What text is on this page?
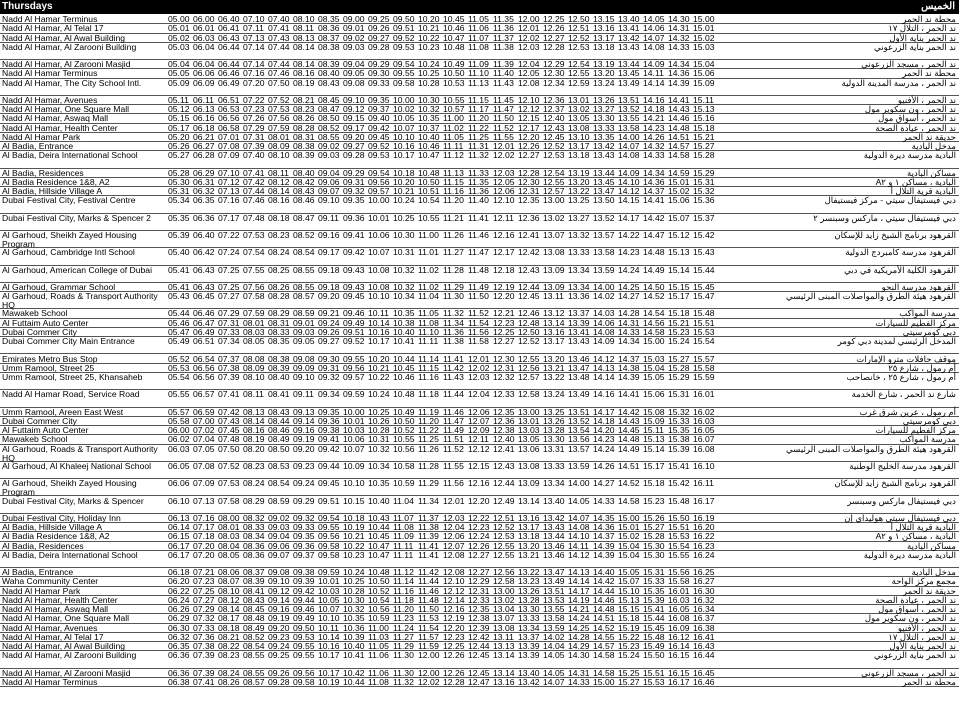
Thursdays	الخميس
Nadd Al Hamar Terminus	05.00 06.00 06.40 07.10 07.40 08.10 08.35 09.00 09.25 09.50 10.20 10.45 11.05 11.35 12.00 12.25 12.50 13.15 13.40 14.05 14.30 15.00	محطة ند الحمر
Nadd Al Hamar, Al Telal 17	05.01 06.01 06.41 07.11 07.41 08.11 08.36 09.01 09.26 09.51 10.21 10.46 11.06 11.36 12.01 12.26 12.51 13.16 13.41 14.06 14.31 15.01	ند الحمر ، التلال ١٧
Nadd Al Hamar, Al Awal Building	05.02 06.03 06.43 07.13 07.43 08.13 08.37 09.02 09.27 09.52 10.22 10.47 11.07 11.37 12.02 12.27 12.52 13.17 13.42 14.07 14.32 15.02	ند الحمر بناية الأول
Nadd Al Hamar, Al Zarooni Building	05.03 06.04 06.44 07.14 07.44 08.14 08.38 09.03 09.28 09.53 10.23 10.48 11.08 11.38 12.03 12.28 12.53 13.18 13.43 14.08 14.33 15.03	ند الحمر بناية الزرعوني
Nadd Al Hamar, Al Zarooni Masjid	05.04 06.04 06.44 07.14 07.44 08.14 08.39 09.04 09.29 09.54 10.24 10.49 11.09 11.39 12.04 12.29 12.54 13.19 13.44 14.09 14.34 15.04	ند الحمر ، مسجد الزرعوني
Nadd Al Hamar Terminus	05.05 06.06 06.46 07.16 07.46 08.16 08.40 09.05 09.30 09.55 10.25 10.50 11.10 11.40 12.05 12.30 12.55 13.20 13.45 14.11 14.36 15.06	محطة ند الحمر
Nadd Al Hamar, The City School Intl.	05.09 06.09 06.49 07.20 07.50 08.19 08.43 09.08 09.33 09.58 10.28 10.53 11.13 11.43 12.08 12.34 12.59 13.24 13.49 14.14 14.39 15.09	ند الحمر ، مدرسة المدينة الدولية
Nadd Al Hamar, Avenues	05.11 06.11 06.51 07.22 07.52 08.21 08.45 09.10 09.35 10.00 10.30 10.55 11.15 11.45 12.10 12.36 13.01 13.26 13.51 14.16 14.41 15.11	ند الحمر ، الأفنيو
Nadd Al Hamar, One Square Mall	05.12 06.13 06.53 07.23 07.53 08.23 08.47 09.12 09.37 10.02 10.32 10.57 11.17 11.47 12.12 12.37 13.02 13.27 13.52 14.18 14.43 15.13	ند الحمر ، ون سكوير مول
Nadd Al Hamar, Aswaq Mall	05.15 06.16 06.56 07.26 07.56 08.26 08.50 09.15 09.40 10.05 10.35 11.00 11.20 11.50 12.15 12.40 13.05 13.30 13.55 14.21 14.46 15.16	ند الحمر ، أسواق مول
Nadd Al Hamar, Health Center	05.17 06.18 06.58 07.29 07.59 08.28 08.52 09.17 09.42 10.07 10.37 11.02 11.22 11.52 12.17 12.43 13.08 13.33 13.58 14.23 14.48 15.18	ند الحمر ، عيادة الصحة
Nadd Al Hamar Park	05.20 06.21 07.01 07.31 08.01 08.31 08.55 09.20 09.45 10.10 10.40 11.05 11.25 11.55 12.20 12.45 13.10 13.35 14.00 14.26 14.51 15.21	حديقة ند الحمر
Al Badia, Entrance	05.26 06.27 07.08 07.39 08.09 08.38 09.02 09.27 09.52 10.16 10.46 11.11 11.31 12.01 12.26 12.52 13.17 13.42 14.07 14.32 14.57 15.27	مدخل البادية
Al Badia, Deira International School	05.27 06.28 07.09 07.40 08.10 08.39 09.03 09.28 09.53 10.17 10.47 11.12 11.32 12.02 12.27 12.53 13.18 13.43 14.08 14.33 14.58 15.28	البادية مدرسة ديرة الدولية
Al Badia, Residences	05.28 06.29 07.10 07.41 08.11 08.40 09.04 09.29 09.54 10.18 10.48 11.13 11.33 12.03 12.28 12.54 13.19 13.44 14.09 14.34 14.59 15.29	مساكن البادية
Al Badia Residence 1&8, A2	05.30 06.31 07.12 07.42 08.12 08.42 09.06 09.31 09.56 10.20 10.50 11.15 11.35 12.05 12.30 12.55 13.20 13.45 14.10 14.36 15.01 15.31	البادية ، مساكن ١ و A٢
Al Badia, Hillside Village A	05.31 06.32 07.13 07.44 08.14 08.43 09.07 09.32 09.57 10.21 10.51 11.16 11.36 12.06 12.31 12.57 13.22 13.47 14.12 14.37 15.02 15.32	البادية قرية التلال أ
Dubai Festival City, Festival Centre	05.34 06.35 07.16 07.46 08.16 08.46 09.10 09.35 10.00 10.24 10.54 11.20 11.40 12.10 12.35 13.00 13.25 13.50 14.15 14.41 15.06 15.36	دبي فيستيفال سيتي - مركز فيستيفال
Dubai Festival City, Marks & Spencer 2	05.35 06.36 07.17 07.48 08.18 08.47 09.11 09.36 10.01 10.25 10.55 11.21 11.41 12.11 12.36 13.02 13.27 13.52 14.17 14.42 15.07 15.37	دبي فيستيفال سيتي ، ماركس وسبنسر ٢
Al Garhoud, Sheikh Zayed Housing Program
05.39 06.40 07.22 07.53 08.23 08.52 09.16 09.41 10.06 10.30 11.00 11.26 11.46 12.16 12.41 13.07 13.32 13.57 14.22 14.47 15.12 15.42	القرهود برنامج الشيخ زايد للإسكان
Al Garhoud, Cambridge Intl School	05.40 06.42 07.24 07.54 08.24 08.54 09.17 09.42 10.07 10.31 11.01 11.27 11.47 12.17 12.42 13.08 13.33 13.58 14.23 14.48 15.13 15.43	القرهود مدرسة كامبردج الدولية
Al Garhoud, American College of Dubai	05.41 06.43 07.25 07.55 08.25 08.55 09.18 09.43 10.08 10.32 11.02 11.28 11.48 12.18 12.43 13.09 13.34 13.59 14.24 14.49 15.14 15.44	القرهود الكلية الأمريكية في دبي
Al Garhoud, Grammar School	05.41 06.43 07.25 07.56 08.26 08.55 09.18 09.43 10.08 10.32 11.02 11.29 11.49 12.19 12.44 13.09 13.34 14.00 14.25 14.50 15.15 15.45	القرهود مدرسة النحو
Al Garhoud, Roads & Transport Authority HQ
05.43 06.45 07.27 07.58 08.28 08.57 09.20 09.45 10.10 10.34 11.04 11.30 11.50 12.20 12.45 13.11 13.36 14.02 14.27 14.52 15.17 15.47	القرهود هيئة الطرق والمواصلات المبنى الرئيسي
Mawakeb School	05.44 06.46 07.29 07.59 08.29 08.59 09.21 09.46 10.11 10.35 11.05 11.32 11.52 12.21 12.46 13.12 13.37 14.03 14.28 14.54 15.18 15.48	مدرسة المواكب
Al Futtaim Auto Center	05.46 06.47 07.31 08.01 08.31 09.01 09.24 09.49 10.14 10.38 11.08 11.34 11.54 12.23 12.48 13.14 13.39 14.06 14.31 14.56 15.21 15.51	مركز الفطيم للسيارات
Dubai Commer City	05.47 06.49 07.33 08.03 08.33 09.03 09.26 09.51 10.16 10.40 11.10 11.36 11.56 12.25 12.50 13.16 13.41 14.08 14.33 14.58 15.23 15.53	دبي كومرسيتي
Dubai Commer City Main Entrance	05.49 06.51 07.34 08.05 08.35 09.05 09.27 09.52 10.17 10.41 11.11 11.38 11.58 12.27 12.52 13.17 13.43 14.09 14.34 15.00 15.24 15.54	المدخل الرئيسي لمدينة دبي كومر
Emirates Metro Bus Stop	05.52 06.54 07.37 08.08 08.38 09.08 09.30 09.55 10.20 10.44 11.14 11.41 12.01 12.30 12.55 13.20 13.46 14.12 14.37 15.03 15.27 15.57	موقف حافلات مترو الإمارات
Umm Ramool, Street 25	05.53 06.56 07.38 08.09 08.39 09.09 09.31 09.56 10.21 10.45 11.15 11.42 12.02 12.31 12.56 13.21 13.47 14.13 14.38 15.04 15.28 15.58	أم رمول ، شارع ٢٥
Umm Ramool, Street 25, Khansaheb	05.54 06.56 07.39 08.10 08.40 09.10 09.32 09.57 10.22 10.46 11.16 11.43 12.03 12.32 12.57 13.22 13.48 14.14 14.39 15.05 15.29 15.59	أم رمول ، شارع ٢٥ ، خانصاحب
Nadd Al Hamar Road, Service Road	05.55 06.57 07.41 08.11 08.41 09.11 09.34 09.59 10.24 10.48 11.18 11.44 12.04 12.33 12.58 13.24 13.49 14.16 14.41 15.06 15.31 16.01	شارع ند الحمر ، شارع الخدمة
Umm Ramool, Areen East West	05.57 06.59 07.42 08.13 08.43 09.13 09.35 10.00 10.25 10.49 11.19 11.46 12.06 12.35 13.00 13.25 13.51 14.17 14.42 15.08 15.32 16.02	أم رمول ، عرين شرق غرب
Dubai Commer City	05.58 07.00 07.43 08.14 08.44 09.14 09.36 10.01 10.26 10.50 11.20 11.47 12.07 12.36 13.01 13.26 13.52 14.18 14.43 15.09 15.33 16.03	دبي كومرسيتي
Al Futtaim Auto Center	06.00 07.02 07.45 08.16 08.46 09.16 09.38 10.03 10.28 10.52 11.22 11.49 12.09 12.38 13.03 13.28 13.54 14.20 14.45 15.11 15.35 16.05	مركز الفطيم للسيارات
Mawakeb School	06.02 07.04 07.48 08.19 08.49 09.19 09.41 10.06 10.31 10.55 11.25 11.51 12.11 12.40 13.05 13.30 13.56 14.23 14.48 15.13 15.38 16.07	مدرسة المواكب
Al Garhoud, Roads & Transport Authority HQ
06.03 07.05 07.50 08.20 08.50 09.20 09.42 10.07 10.32 10.56 11.26 11.52 12.12 12.41 13.06 13.31 13.57 14.24 14.49 15.14 15.39 16.08	القرهود هيئة الطرق والمواصلات المبنى الرئيسي
Al Garhoud, Al Khaleej National School	06.05 07.08 07.52 08.23 08.53 09.23 09.44 10.09 10.34 10.58 11.28 11.55 12.15 12.43 13.08 13.33 13.59 14.26 14.51 15.17 15.41 16.10	القرهود مدرسة الخليج الوطنية
Al Garhoud, Sheikh Zayed Housing Program
06.06 07.09 07.53 08.24 08.54 09.24 09.45 10.10 10.35 10.59 11.29 11.56 12.16 12.44 13.09 13.34 14.00 14.27 14.52 15.18 15.42 16.11	القرهود برنامج الشيخ زايد للإسكان
Dubai Festival City, Marks & Spencer	06.10 07.13 07.58 08.29 08.59 09.29 09.51 10.15 10.40 11.04 11.34 12.01 12.20 12.49 13.14 13.40 14.05 14.33 14.58 15.23 15.48 16.17	دبي فيستيفال ماركس وسبنسر
Dubai Festival City, Holiday Inn	06.13 07.16 08.00 08.32 09.02 09.32 09.54 10.18 10.43 11.07 11.37 12.03 12.22 12.51 13.16 13.42 14.07 14.35 15.00 15.26 15.50 16.19	دبي فيستيفال سيتي هوليداي إن
Al Badia, Hillside Village A	06.14 07.17 08.01 08.33 09.03 09.33 09.55 10.19 10.44 11.08 11.38 12.04 12.23 12.52 13.17 13.43 14.08 14.36 15.01 15.27 15.51 16.20	البادية قرية التلال أ
Al Badia Residence 1&8, A2	06.15 07.18 08.03 08.34 09.04 09.35 09.56 10.21 10.45 11.09 11.39 12.06 12.24 12.53 13.18 13.44 14.10 14.37 15.02 15.28 15.53 16.22	البادية ، مساكن ١ و A٢
Al Badia, Residences	06.17 07.20 08.04 08.36 09.06 09.36 09.58 10.22 10.47 11.11 11.41 12.07 12.26 12.55 13.20 13.46 14.11 14.39 15.04 15.30 15.54 16.23	مساكن البادية
Al Badia, Deira International School	06.17 07.20 08.05 08.36 09.07 09.37 09.58 10.23 10.47 11.11 11.41 12.08 12.27 12.55 13.21 13.46 14.12 14.39 15.04 15.30 15.55 16.24	البادية مدرسة ديرة الدولية
Al Badia, Entrance	06.18 07.21 08.06 08.37 09.08 09.38 09.59 10.24 10.48 11.12 11.42 12.08 12.27 12.56 13.22 13.47 14.13 14.40 15.05 15.31 15.56 16.25	مدخل البادية
Waha Community Center	06.20 07.23 08.07 08.39 09.10 09.39 10.01 10.25 10.50 11.14 11.44 12.10 12.29 12.58 13.23 13.49 14.14 14.42 15.07 15.33 15.58 16.27	مجمع مركز الواحة
Nadd Al Hamar Park	06.22 07.25 08.10 08.41 09.12 09.42 10.03 10.28 10.52 11.16 11.46 12.12 12.31 13.00 13.26 13.51 14.17 14.44 15.10 15.35 16.01 16.30	حديقة ند الحمر
Nadd Al Hamar, Health Center	06.24 07.27 08.12 08.43 09.14 09.44 10.05 10.30 10.54 11.18 11.48 12.14 12.33 13.02 13.28 13.53 14.19 14.46 15.13 15.39 16.03 16.32	ند الحمر ، عيادة الصحة
Nadd Al Hamar, Aswaq Mall	06.26 07.29 08.14 08.45 09.16 09.46 10.07 10.32 10.56 11.20 11.50 12.16 12.35 13.04 13.30 13.55 14.21 14.48 15.15 15.41 16.05 16.34	ند الحمر ، أسواق مول
Nadd Al Hamar, One Square Mall	06.29 07.32 08.17 08.48 09.19 09.49 10.10 10.35 10.59 11.23 11.53 12.19 12.38 13.07 13.33 13.58 14.24 14.51 15.18 15.44 16.08 16.37	ند الحمر ، ون سكوير مول
Nadd Al Hamar, Avenues	06.30 07.33 08.18 08.49 09.20 09.50 10.11 10.36 11.00 11.24 11.54 12.20 12.39 13.08 13.34 13.59 14.25 14.52 15.19 15.45 16.09 16.38	ند الحمر ، الأفنيو
Nadd Al Hamar, Al Telal 17	06.32 07.36 08.21 08.52 09.23 09.53 10.14 10.39 11.03 11.27 11.57 12.23 12.42 13.11 13.37 14.02 14.28 14.55 15.22 15.48 16.12 16.41	ند الحمر ، التلال ١٧
Nadd Al Hamar, Al Awal Building	06.35 07.38 08.22 08.54 09.24 09.55 10.16 10.40 11.05 11.29 11.59 12.25 12.44 13.13 13.39 14.04 14.29 14.57 15.23 15.49 16.14 16.43	ند الحمر بناية الأول
Nadd Al Hamar, Al Zarooni Building	06.36 07.39 08.23 08.55 09.25 09.55 10.17 10.41 11.06 11.30 12.00 12.26 12.45 13.14 13.39 14.05 14.30 14.58 15.24 15.50 16.15 16.44	ند الحمر بناية الزرعوني
Nadd Al Hamar, Al Zarooni Masjid	06.36 07.39 08.24 08.55 09.26 09.56 10.17 10.42 11.06 11.30 12.00 12.26 12.45 13.14 13.40 14.05 14.31 14.58 15.25 15.51 16.15 16.45	ند الحمر ، مسجد الزرعوني
Nadd Al Hamar Terminus	06.38 07.41 08.26 08.57 09.28 09.58 10.19 10.44 11.08 11.32 12.02 12.28 12.47 13.16 13.42 14.07 14.33 15.00 15.27 15.53 16.17 16.46	محطة ند الحمر
